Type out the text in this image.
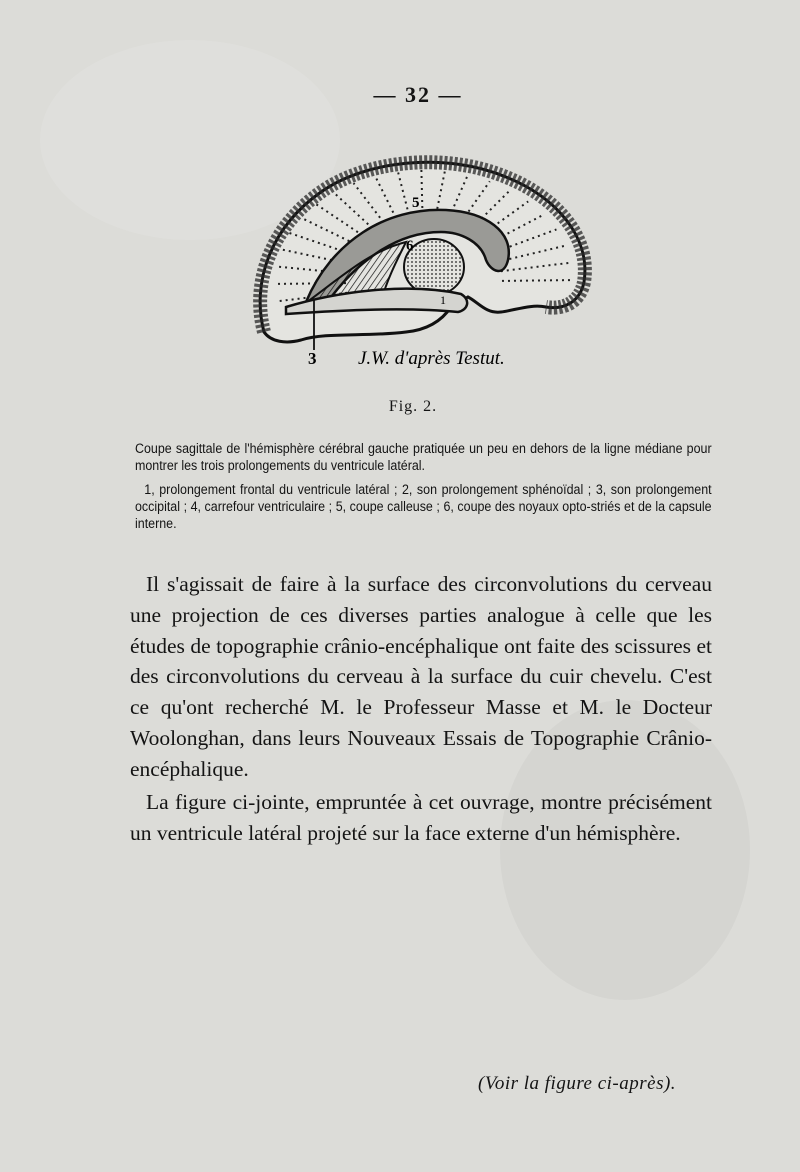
— 32 —
5
6
1
3 J.W. d'après Testut.
Fig. 2.

Coupe sagittale de l'hémisphère cérébral gauche pratiquée un peu en dehors de la ligne médiane pour montrer les trois prolongements du ventricule latéral.

1, prolongement frontal du ventricule latéral ; 2, son prolongement sphénoïdal ; 3, son prolongement occipital ; 4, carrefour ventriculaire ; 5, coupe calleuse ; 6, coupe des noyaux opto-striés et de la capsule interne.

Il s'agissait de faire à la surface des circonvolutions du cerveau une projection de ces diverses parties analogue à celle que les études de topographie crânio-encéphalique ont faite des scissures et des circonvolutions du cerveau à la surface du cuir chevelu. C'est ce qu'ont recherché M. le Professeur Masse et M. le Docteur Woolonghan, dans leurs Nouveaux Essais de Topographie Crânio-encéphalique.
La figure ci-jointe, empruntée à cet ouvrage, montre précisément un ventricule latéral projeté sur la face externe d'un hémisphère.
(Voir la figure ci-après).
